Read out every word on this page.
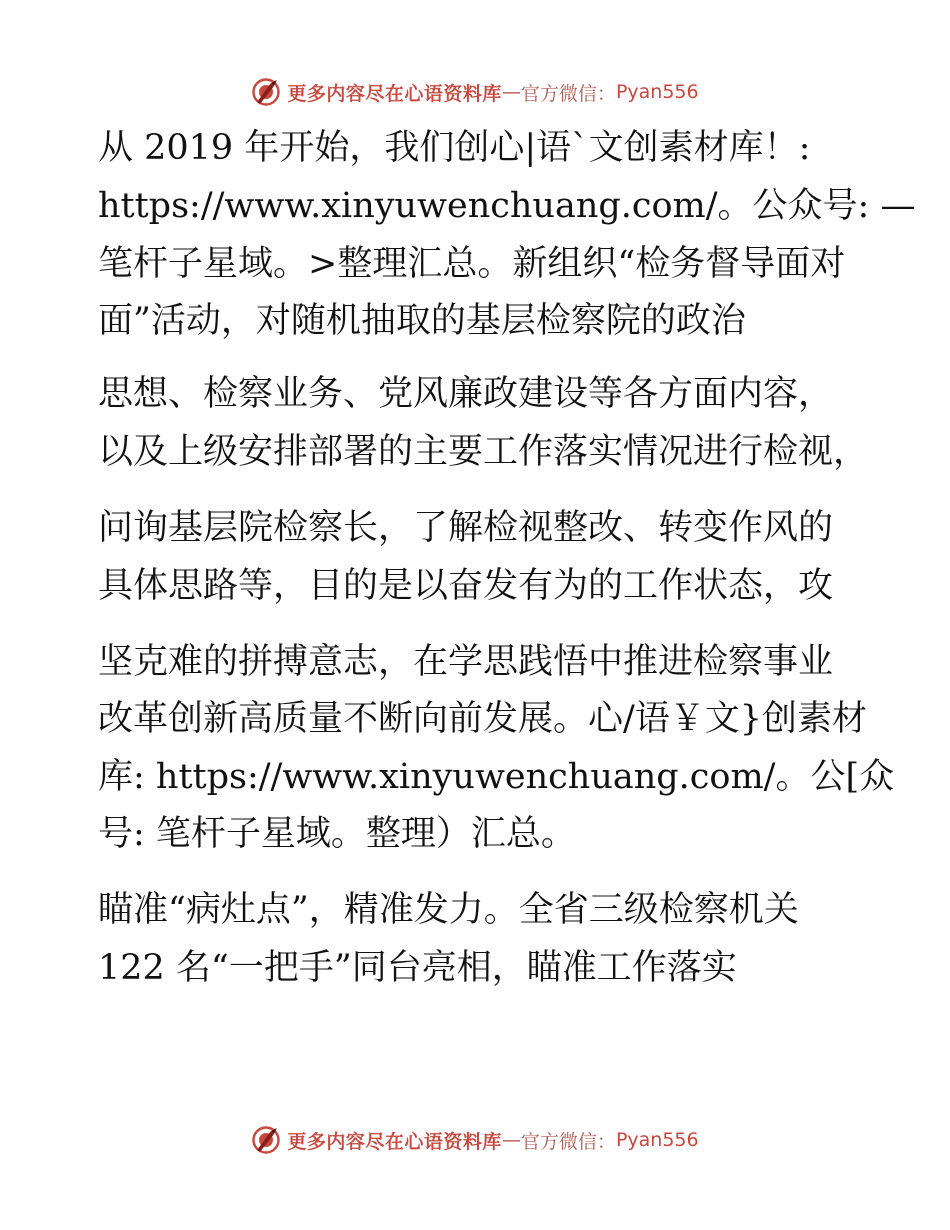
更多内容尽在心语资料库 — 官方微信： Pyan556
从 2019 年开始，我们创心|语`文创素材库！:
https://www.xinyuwenchuang.com/。公众号: —
笔杆子星域。>整理汇总。新组织“检务督导面对
面”活动，对随机抽取的基层检察院的政治
思想、检察业务、党风廉政建设等各方面内容，
以及上级安排部署的主要工作落实情况进行检视，
问询基层院检察长，了解检视整改、转变作风的
具体思路等，目的是以奋发有为的工作状态，攻
坚克难的拼搏意志，在学思践悟中推进检察事业
改革创新高质量不断向前发展。心/语￥文}创素材
库: https://www.xinyuwenchuang.com/。公[众
号: 笔杆子星域。整理）汇总。
瞄准“病灶点”，精准发力。全省三级检察机关
122 名“一把手”同台亮相，瞄准工作落实
更多内容尽在心语资料库 — 官方微信： Pyan556
